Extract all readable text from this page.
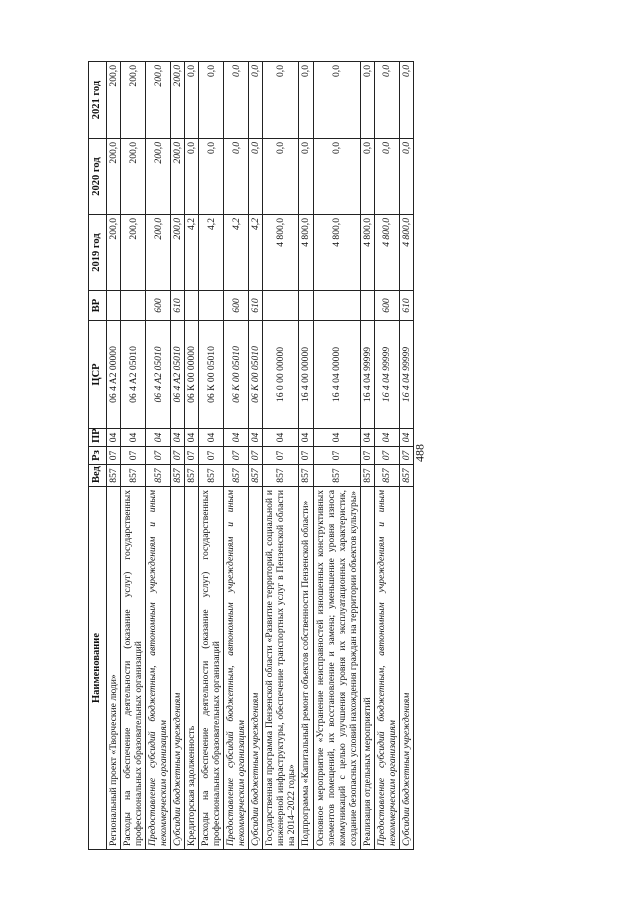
488
Наименование	Вед	Рз	ПР	ЦСР	ВР	2019 год	2020 год	2021 год
Региональный проект «Творческие люди»	857	07	04	06 4 A2 00000		200,0	200,0	200,0
Расходы на обеспечение деятельности (оказание услуг) государственных профессиональных образовательных организаций	857	07	04	06 4 A2 05010		200,0	200,0	200,0
Предоставление субсидий бюджетным, автономным учреждениям и иным некоммерческим организациям	857	07	04	06 4 A2 05010	600	200,0	200,0	200,0
Субсидии бюджетным учреждениям	857	07	04	06 4 A2 05010	610	200,0	200,0	200,0
Кредиторская задолженность	857	07	04	06 К 00 00000		4,2	0,0	0,0
Расходы на обеспечение деятельности (оказание услуг) государственных профессиональных образовательных организаций	857	07	04	06 К 00 05010		4,2	0,0	0,0
Предоставление субсидий бюджетным, автономным учреждениям и иным некоммерческим организациям	857	07	04	06 К 00 05010	600	4,2	0,0	0,0
Субсидии бюджетным учреждениям	857	07	04	06 К 00 05010	610	4,2	0,0	0,0
Государственная программа Пензенской области «Развитие территорий, социальной и инженерной инфраструктуры, обеспечение транспортных услуг в Пензенской области на 2014–2022 годы»	857	07	04	16 0 00 00000		4 800,0	0,0	0,0
Подпрограмма «Капитальный ремонт объектов собственности Пензенской области»	857	07	04	16 4 00 00000		4 800,0	0,0	0,0
Основное мероприятие «Устранение неисправностей изношенных конструктивных элементов помещений, их восстановление и замена; уменьшение уровня износа коммуникаций с целью улучшения уровня их эксплуатационных характеристик, создание безопасных условий нахождения граждан на территории объектов культуры»	857	07	04	16 4 04 00000		4 800,0	0,0	0,0
Реализация отдельных мероприятий	857	07	04	16 4 04 99999		4 800,0	0,0	0,0
Предоставление субсидий бюджетным, автономным учреждениям и иным некоммерческим организациям	857	07	04	16 4 04 99999	600	4 800,0	0,0	0,0
Субсидии бюджетным учреждениям	857	07	04	16 4 04 99999	610	4 800,0	0,0	0,0
